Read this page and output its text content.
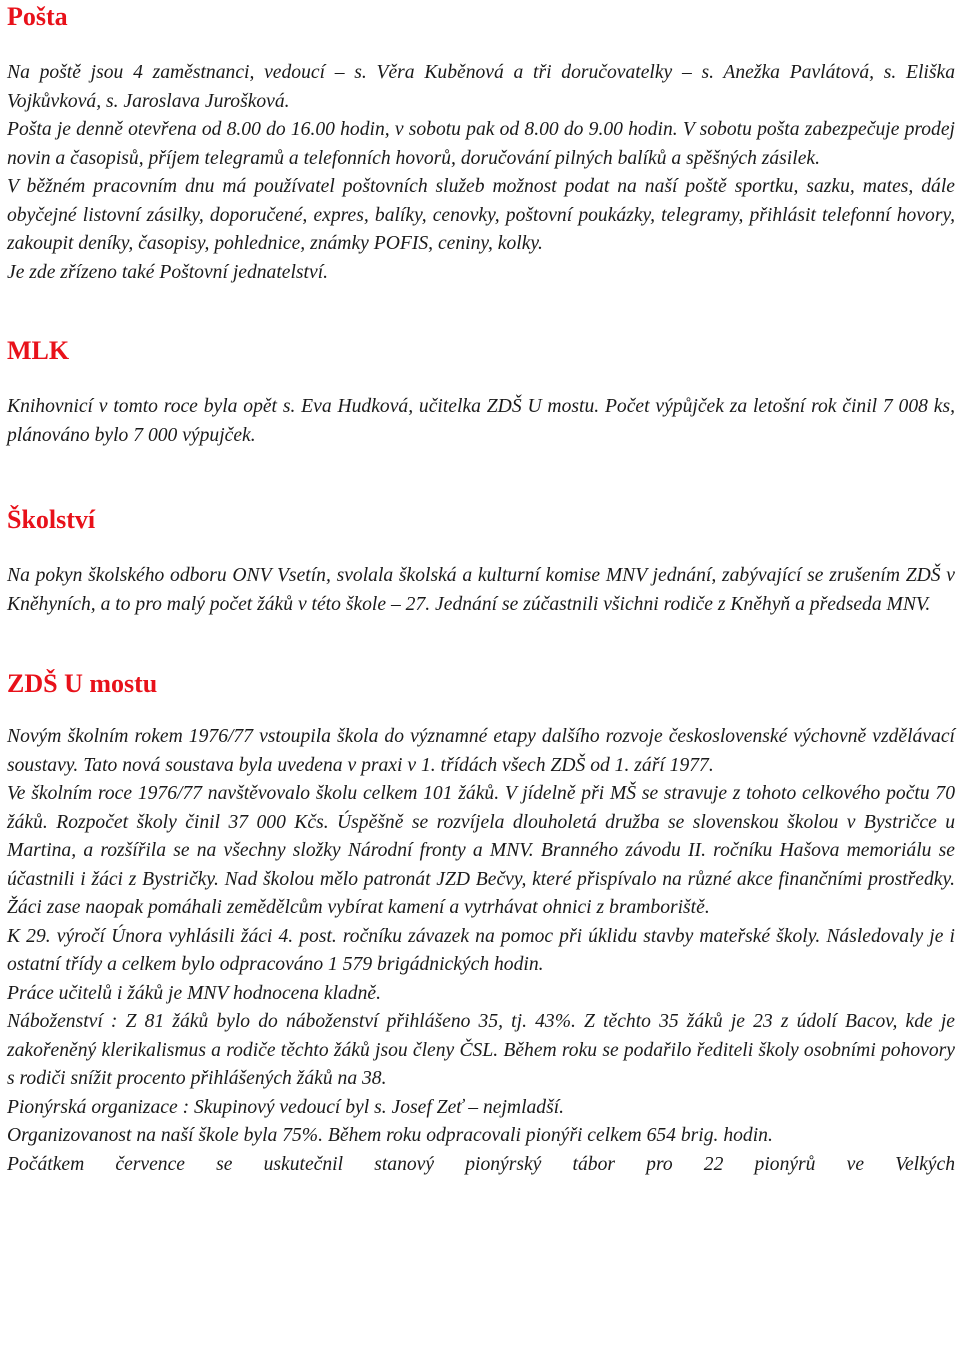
Pošta

Na poště jsou 4 zaměstnanci, vedoucí – s. Věra Kuběnová a tři doručovatelky – s. Anežka Pavlátová, s. Eliška Vojkůvková, s. Jaroslava Jurošková.

Pošta je denně otevřena od 8.00 do 16.00 hodin, v sobotu pak od 8.00 do 9.00 hodin. V sobotu pošta zabezpečuje prodej novin a časopisů, příjem telegramů a telefonních hovorů, doručování pilných balíků a spěšných zásilek.

V běžném pracovním dnu má používatel poštovních služeb možnost podat na naší poště sportku, sazku, mates, dále obyčejné listovní zásilky, doporučené, expres, balíky, cenovky, poštovní poukázky, telegramy, přihlásit telefonní hovory, zakoupit deníky, časopisy, pohlednice, známky POFIS, ceniny, kolky.

Je zde zřízeno také Poštovní jednatelství.

MLK

Knihovnicí v tomto roce byla opět s. Eva Hudková, učitelka ZDŠ U mostu. Počet výpůjček za letošní rok činil 7 008 ks, plánováno bylo 7 000 výpujček.

Školství

Na pokyn školského odboru ONV Vsetín, svolala školská a kulturní komise MNV jednání, zabývající se zrušením ZDŠ v Kněhyních, a to pro malý počet žáků v této škole – 27. Jednání se zúčastnili všichni rodiče z Kněhyň a předseda MNV.

ZDŠ U mostu

Novým školním rokem 1976/77 vstoupila škola do významné etapy dalšího rozvoje československé výchovně vzdělávací soustavy. Tato nová soustava byla uvedena v praxi v 1. třídách všech ZDŠ od 1. září 1977.

Ve školním roce 1976/77 navštěvovalo školu celkem 101 žáků. V jídelně při MŠ se stravuje z tohoto celkového počtu 70 žáků. Rozpočet školy činil 37 000 Kčs. Úspěšně se rozvíjela dlouholetá družba se slovenskou školou v Bystričce u Martina, a rozšířila se na všechny složky Národní fronty a MNV. Branného závodu II. ročníku Hašova memoriálu se účastnili i žáci z Bystričky. Nad školou mělo patronát JZD Bečvy, které přispívalo na různé akce finančními prostředky. Žáci zase naopak pomáhali zemědělcům vybírat kamení a vytrhávat ohnici z bramboriště.

K 29. výročí Února vyhlásili žáci 4. post. ročníku závazek na pomoc při úklidu stavby mateřské školy. Následovaly je i ostatní třídy a celkem bylo odpracováno 1 579 brigádnických hodin.

Práce učitelů i žáků je MNV hodnocena kladně.

Náboženství : Z 81 žáků bylo do náboženství přihlášeno 35, tj. 43%. Z těchto 35 žáků je 23 z údolí Bacov, kde je zakořeněný klerikalismus a rodiče těchto žáků jsou členy ČSL. Během roku se podařilo řediteli školy osobními pohovory s rodiči snížit procento přihlášených žáků na 38.

Pionýrská organizace : Skupinový vedoucí byl s. Josef Zeť – nejmladší.

Organizovanost na naší škole byla 75%. Během roku odpracovali pionýři celkem 654 brig. hodin.

Počátkem července se uskutečnil stanový pionýrský tábor pro 22 pionýrů ve Velkých
